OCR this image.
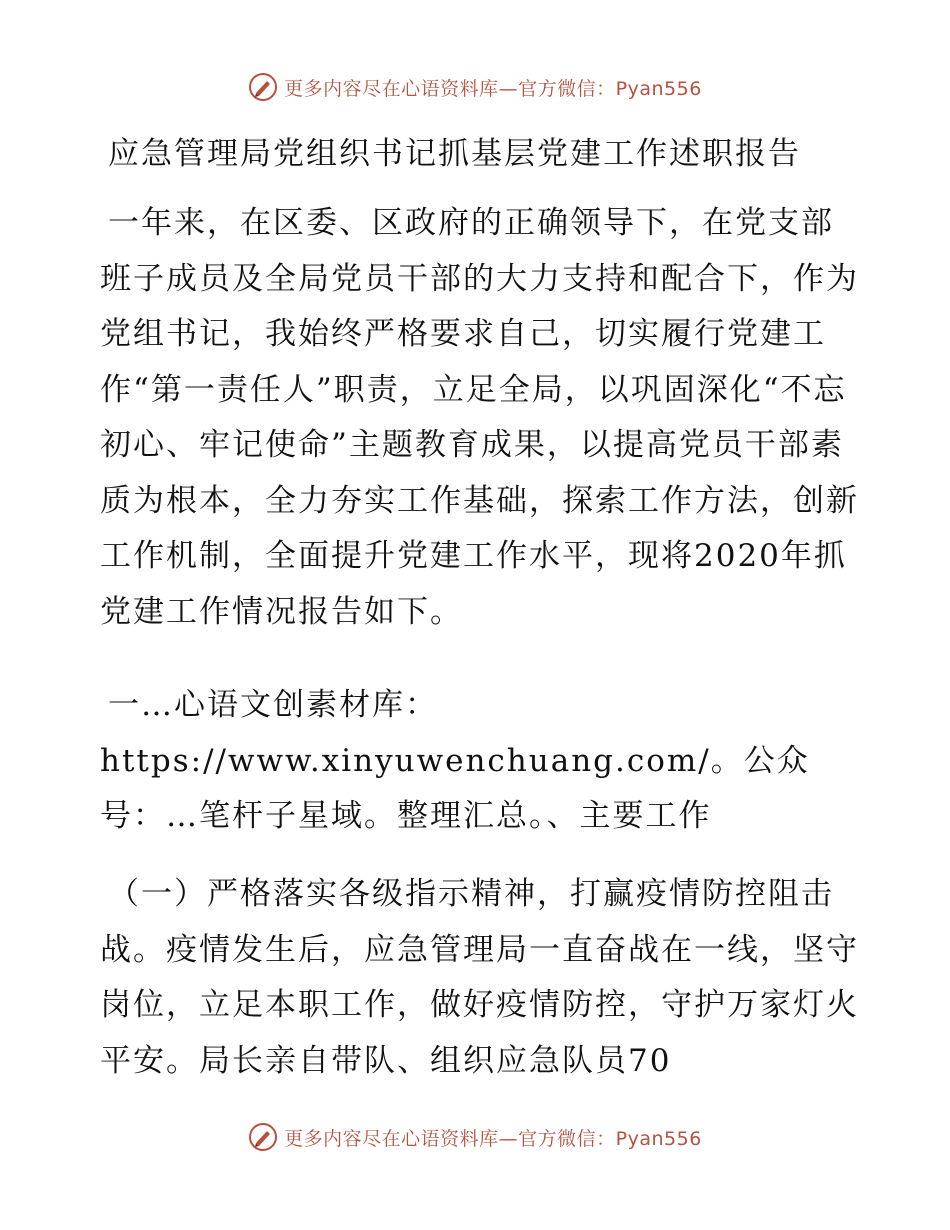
更多内容尽在心语资料库—官方微信：Pyan556
应急管理局党组织书记抓基层党建工作述职报告

一年来，在区委、区政府的正确领导下，在党支部班子成员及全局党员干部的大力支持和配合下，作为党组书记，我始终严格要求自己，切实履行党建工作“第一责任人”职责，立足全局，以巩固深化“不忘初心、牢记使命”主题教育成果，以提高党员干部素质为根本，全力夯实工作基础，探索工作方法，创新工作机制，全面提升党建工作水平，现将2020年抓党建工作情况报告如下。

一…心语文创素材库：https://www.xinyuwenchuang.com/。公众号：…笔杆子星域。整理汇总。、主要工作

（一）严格落实各级指示精神，打赢疫情防控阻击战。疫情发生后，应急管理局一直奋战在一线，坚守岗位，立足本职工作，做好疫情防控，守护万家灯火平安。局长亲自带队、组织应急队员70

更多内容尽在心语资料库—官方微信：Pyan556
